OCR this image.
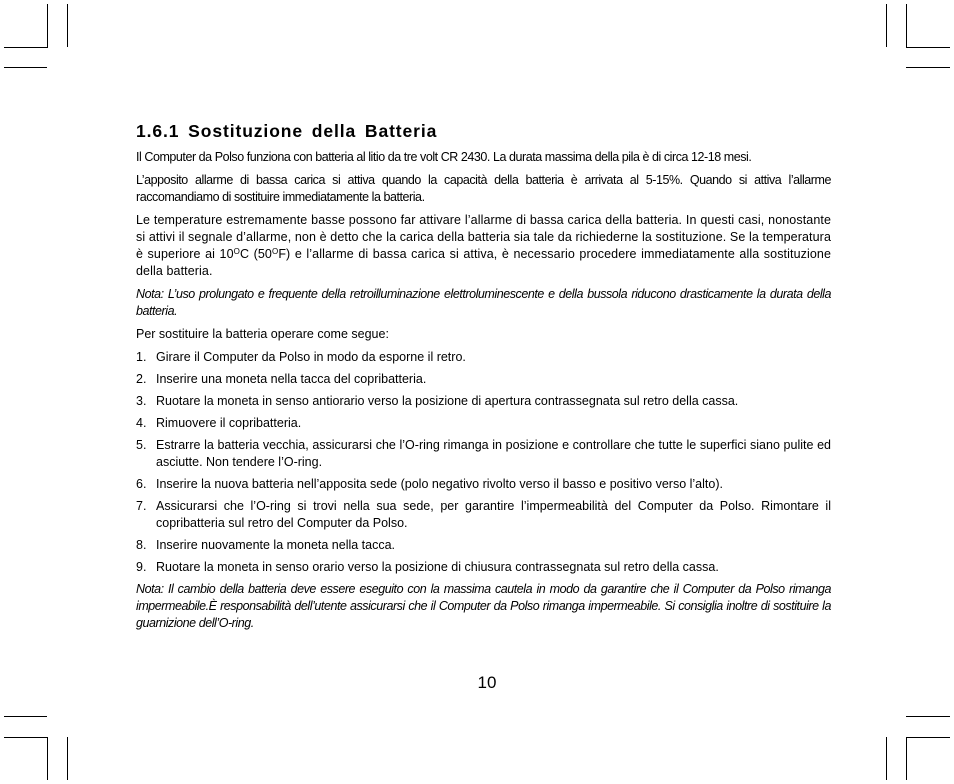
1.6.1 Sostituzione della Batteria

Il Computer da Polso funziona con batteria al litio da tre volt CR 2430. La durata massima della pila è di circa 12-18 mesi.

L’apposito allarme di bassa carica si attiva quando la capacità della batteria è arrivata al 5-15%. Quando si attiva l’allarme raccomandiamo di sostituire immediatamente la batteria.

Le temperature estremamente basse possono far attivare l’allarme di bassa carica della batteria. In questi casi, nonostante si attivi il segnale d’allarme, non è detto che la carica della batteria sia tale da richiederne la sostituzione. Se la temperatura è superiore ai $10^OC$ $(50^OF)$ e l’allarme di bassa carica si attiva, è necessario procedere immediatamente alla sostituzione della batteria.

Nota: L’uso prolungato e frequente della retroilluminazione elettroluminescente e della bussola riducono drasticamente la durata della batteria.

Per sostituire la batteria operare come segue:

1. Girare il Computer da Polso in modo da esporne il retro.
2. Inserire una moneta nella tacca del copribatteria.
3. Ruotare la moneta in senso antiorario verso la posizione di apertura contrassegnata sul retro della cassa.
4. Rimuovere il copribatteria.
5. Estrarre la batteria vecchia, assicurarsi che l’O-ring rimanga in posizione e controllare che tutte le superfici siano pulite ed asciutte. Non tendere l’O-ring.
6. Inserire la nuova batteria nell’apposita sede (polo negativo rivolto verso il basso e positivo verso l’alto).
7. Assicurarsi che l’O-ring si trovi nella sua sede, per garantire l’impermeabilità del Computer da Polso. Rimontare il copribatteria sul retro del Computer da Polso.
8. Inserire nuovamente la moneta nella tacca.
9. Ruotare la moneta in senso orario verso la posizione di chiusura contrassegnata sul retro della cassa.

Nota: Il cambio della batteria deve essere eseguito con la massima cautela in modo da garantire che il Computer da Polso rimanga impermeabile.È responsabilità dell’utente assicurarsi che il Computer da Polso rimanga impermeabile. Si consiglia inoltre di sostituire la guarnizione dell’O-ring.

10
